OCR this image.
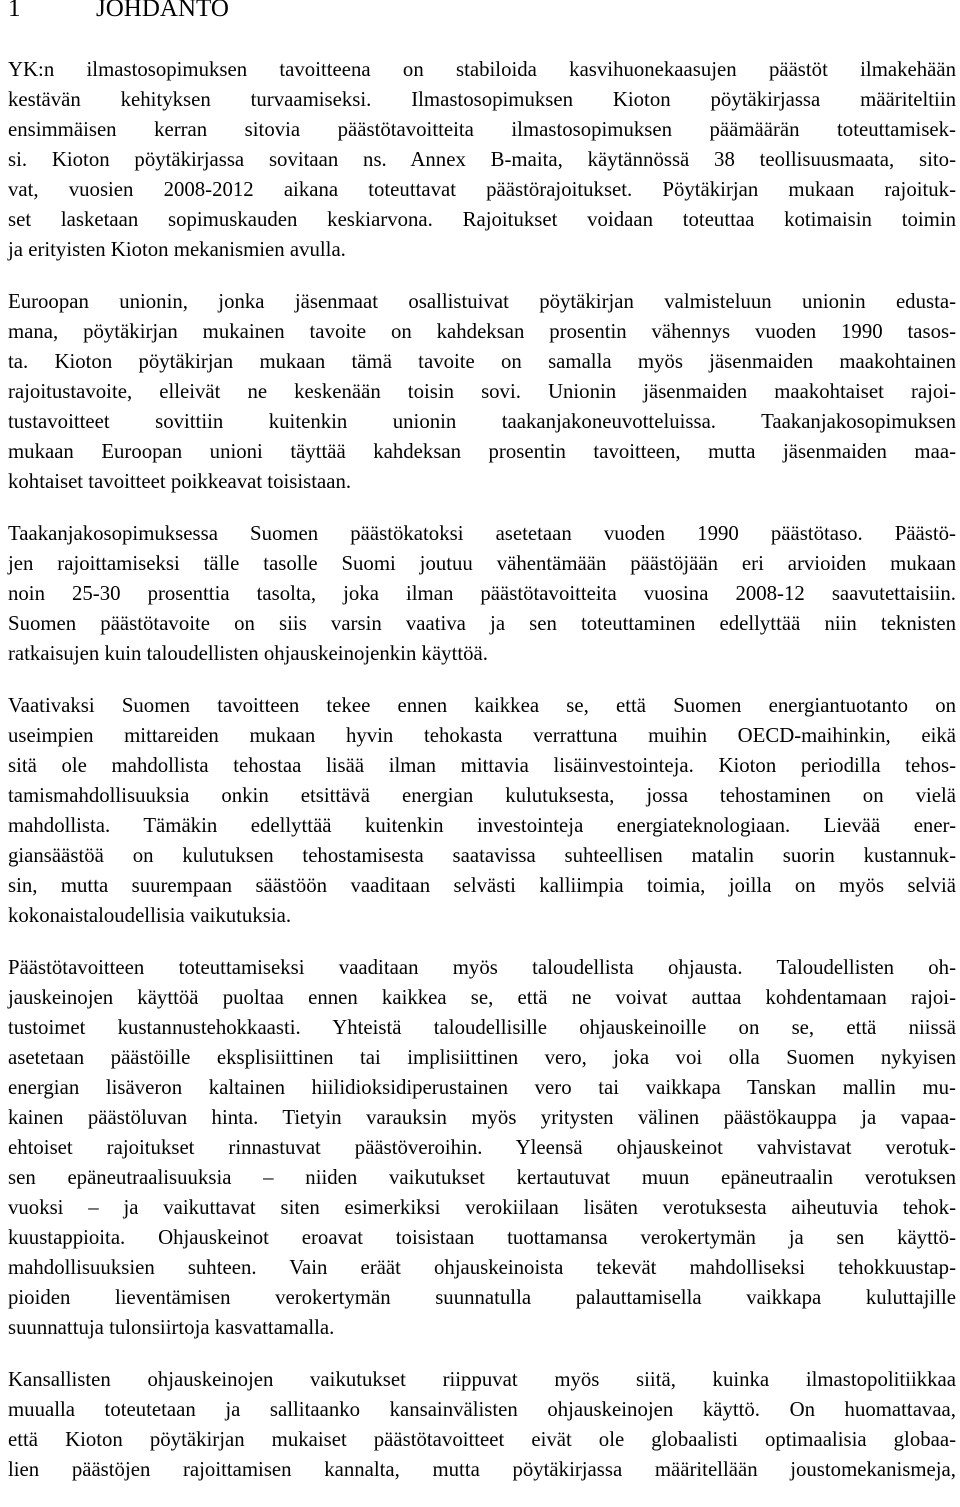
1	JOHDANTO

YK:n ilmastosopimuksen tavoitteena on stabiloida kasvihuonekaasujen päästöt ilmakehään
kestävän kehityksen turvaamiseksi. Ilmastosopimuksen Kioton pöytäkirjassa määriteltiin
ensimmäisen kerran sitovia päästötavoitteita ilmastosopimuksen päämäärän toteuttamisek-
si. Kioton pöytäkirjassa sovitaan ns. Annex B-maita, käytännössä 38 teollisuusmaata, sito-
vat, vuosien 2008-2012 aikana toteuttavat päästörajoitukset. Pöytäkirjan mukaan rajoituk-
set lasketaan sopimuskauden keskiarvona. Rajoitukset voidaan toteuttaa kotimaisin toimin
ja erityisten Kioton mekanismien avulla.

Euroopan unionin, jonka jäsenmaat osallistuivat pöytäkirjan valmisteluun unionin edusta-
mana, pöytäkirjan mukainen tavoite on kahdeksan prosentin vähennys vuoden 1990 tasos-
ta. Kioton pöytäkirjan mukaan tämä tavoite on samalla myös jäsenmaiden maakohtainen
rajoitustavoite, elleivät ne keskenään toisin sovi. Unionin jäsenmaiden maakohtaiset rajoi-
tustavoitteet sovittiin kuitenkin unionin taakanjakoneuvotteluissa. Taakanjakosopimuksen
mukaan Euroopan unioni täyttää kahdeksan prosentin tavoitteen, mutta jäsenmaiden maa-
kohtaiset tavoitteet poikkeavat toisistaan.

Taakanjakosopimuksessa Suomen päästökatoksi asetetaan vuoden 1990 päästötaso. Päästö-
jen rajoittamiseksi tälle tasolle Suomi joutuu vähentämään päästöjään eri arvioiden mukaan
noin 25-30 prosenttia tasolta, joka ilman päästötavoitteita vuosina 2008-12 saavutettaisiin.
Suomen päästötavoite on siis varsin vaativa ja sen toteuttaminen edellyttää niin teknisten
ratkaisujen kuin taloudellisten ohjauskeinojenkin käyttöä.

Vaativaksi Suomen tavoitteen tekee ennen kaikkea se, että Suomen energiantuotanto on
useimpien mittareiden mukaan hyvin tehokasta verrattuna muihin OECD-maihinkin, eikä
sitä ole mahdollista tehostaa lisää ilman mittavia lisäinvestointeja. Kioton periodilla tehos-
tamismahdollisuuksia onkin etsittävä energian kulutuksesta, jossa tehostaminen on vielä
mahdollista. Tämäkin edellyttää kuitenkin investointeja energiateknologiaan. Lievää ener-
giansäästöä on kulutuksen tehostamisesta saatavissa suhteellisen matalin suorin kustannuk-
sin, mutta suurempaan säästöön vaaditaan selvästi kalliimpia toimia, joilla on myös selviä
kokonaistaloudellisia vaikutuksia.

Päästötavoitteen toteuttamiseksi vaaditaan myös taloudellista ohjausta. Taloudellisten oh-
jauskeinojen käyttöä puoltaa ennen kaikkea se, että ne voivat auttaa kohdentamaan rajoi-
tustoimet kustannustehokkaasti. Yhteistä taloudellisille ohjauskeinoille on se, että niissä
asetetaan päästöille eksplisiittinen tai implisiittinen vero, joka voi olla Suomen nykyisen
energian lisäveron kaltainen hiilidioksidiperustainen vero tai vaikkapa Tanskan mallin mu-
kainen päästöluvan hinta. Tietyin varauksin myös yritysten välinen päästökauppa ja vapaa-
ehtoiset rajoitukset rinnastuvat päästöveroihin. Yleensä ohjauskeinot vahvistavat verotuk-
sen epäneutraalisuuksia – niiden vaikutukset kertautuvat muun epäneutraalin verotuksen
vuoksi – ja vaikuttavat siten esimerkiksi verokiilaan lisäten verotuksesta aiheutuvia tehok-
kuustappioita. Ohjauskeinot eroavat toisistaan tuottamansa verokertymän ja sen käyttö-
mahdollisuuksien suhteen. Vain eräät ohjauskeinoista tekevät mahdolliseksi tehokkuustap-
pioiden lieventämisen verokertymän suunnatulla palauttamisella vaikkapa kuluttajille
suunnattuja tulonsiirtoja kasvattamalla.

Kansallisten ohjauskeinojen vaikutukset riippuvat myös siitä, kuinka ilmastopolitiikkaa
muualla toteutetaan ja sallitaanko kansainvälisten ohjauskeinojen käyttö. On huomattavaa,
että Kioton pöytäkirjan mukaiset päästötavoitteet eivät ole globaalisti optimaalisia globaa-
lien päästöjen rajoittamisen kannalta, mutta pöytäkirjassa määritellään joustomekanismeja,
